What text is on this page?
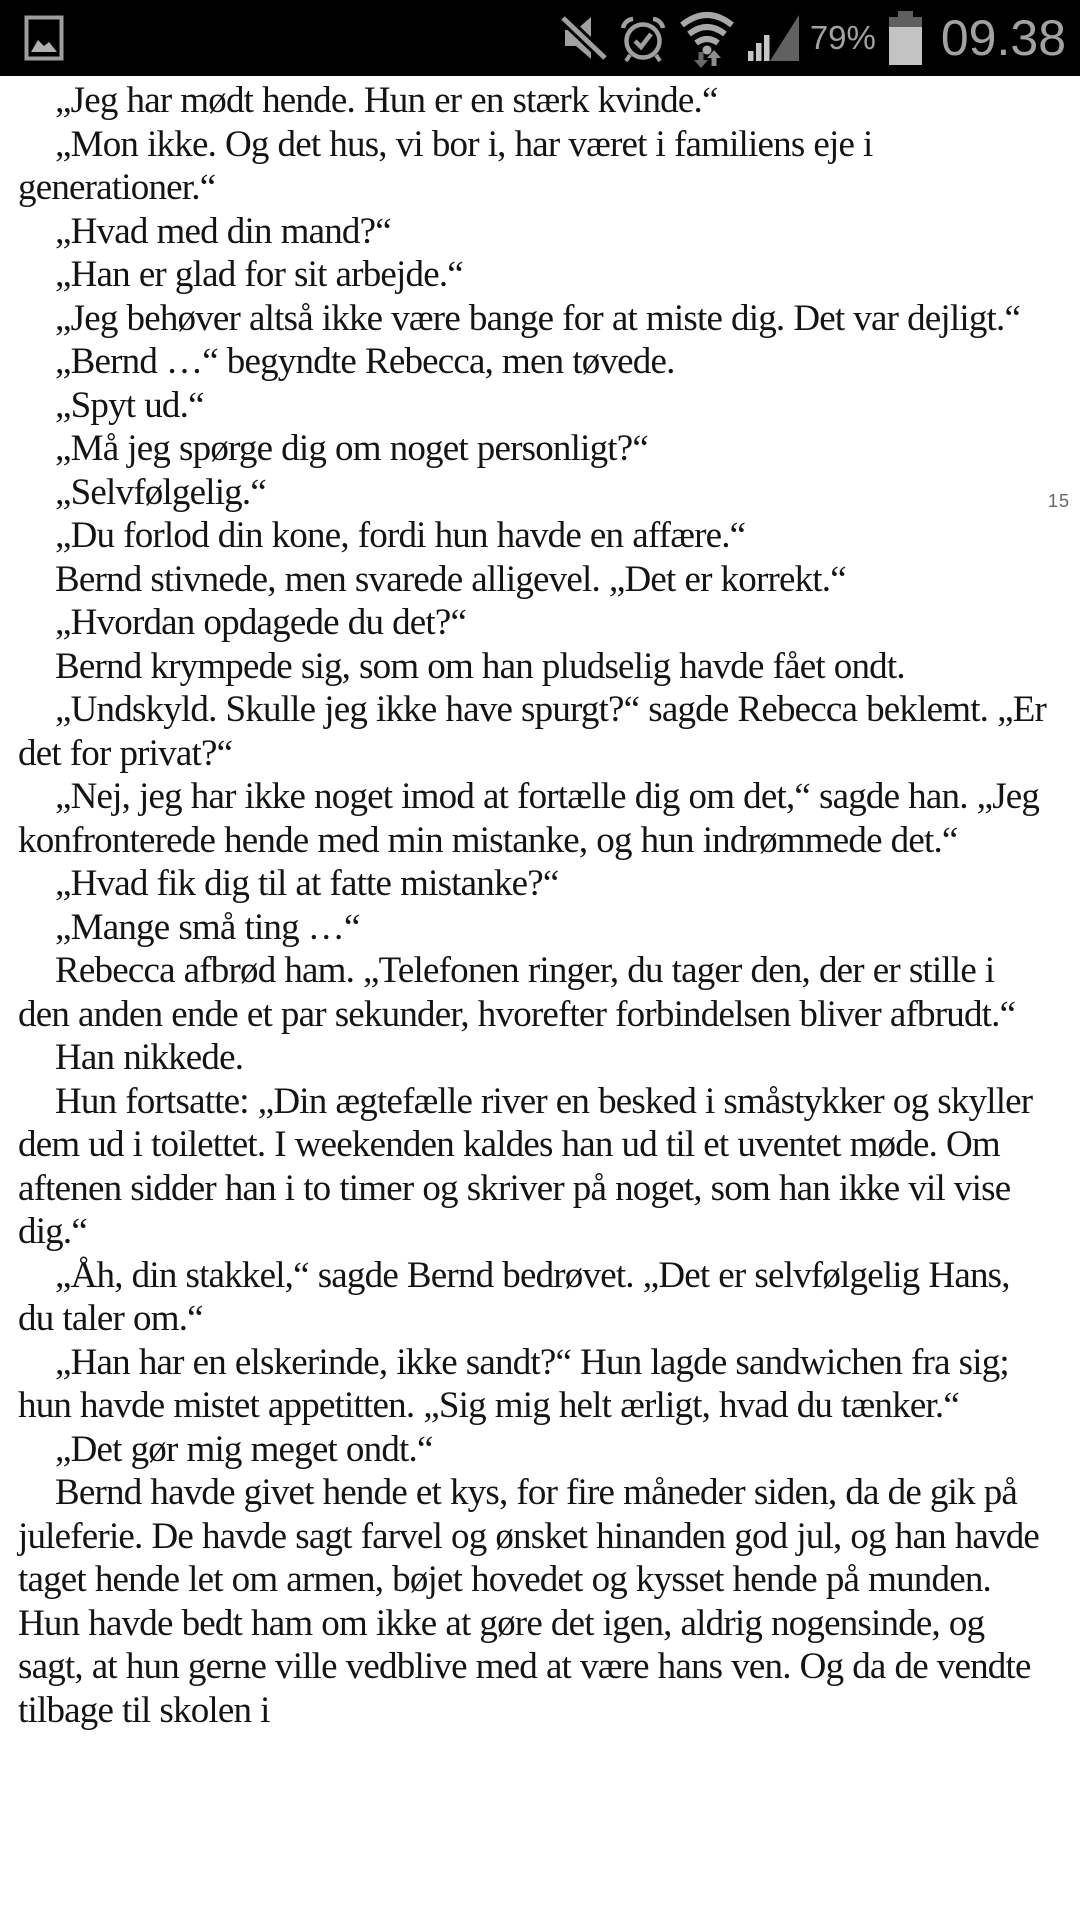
79% 09.38
15

„Jeg har mødt hende. Hun er en stærk kvinde.“

„Mon ikke. Og det hus, vi bor i, har været i familiens eje i generationer.“

„Hvad med din mand?“

„Han er glad for sit arbejde.“

„Jeg behøver altså ikke være bange for at miste dig. Det var dejligt.“

„Bernd …“ begyndte Rebecca, men tøvede.

„Spyt ud.“

„Må jeg spørge dig om noget personligt?“

„Selvfølgelig.“

„Du forlod din kone, fordi hun havde en affære.“

Bernd stivnede, men svarede alligevel. „Det er korrekt.“

„Hvordan opdagede du det?“

Bernd krympede sig, som om han pludselig havde fået ondt.

„Undskyld. Skulle jeg ikke have spurgt?“ sagde Rebecca beklemt. „Er det for privat?“

„Nej, jeg har ikke noget imod at fortælle dig om det,“ sagde han. „Jeg konfronterede hende med min mistanke, og hun indrømmede det.“

„Hvad fik dig til at fatte mistanke?“

„Mange små ting …“

Rebecca afbrød ham. „Telefonen ringer, du tager den, der er stille i den anden ende et par sekunder, hvorefter forbindelsen bliver afbrudt.“

Han nikkede.

Hun fortsatte: „Din ægtefælle river en besked i småstykker og skyller dem ud i toilettet. I weekenden kaldes han ud til et uventet møde. Om aftenen sidder han i to timer og skriver på noget, som han ikke vil vise dig.“

„Åh, din stakkel,“ sagde Bernd bedrøvet. „Det er selvfølgelig Hans, du taler om.“

„Han har en elskerinde, ikke sandt?“ Hun lagde sandwichen fra sig; hun havde mistet appetitten. „Sig mig helt ærligt, hvad du tænker.“

„Det gør mig meget ondt.“

Bernd havde givet hende et kys, for fire måneder siden, da de gik på juleferie. De havde sagt farvel og ønsket hinanden god jul, og han havde taget hende let om armen, bøjet hovedet og kysset hende på munden. Hun havde bedt ham om ikke at gøre det igen, aldrig nogensinde, og sagt, at hun gerne ville vedblive med at være hans ven. Og da de vendte tilbage til skolen i
